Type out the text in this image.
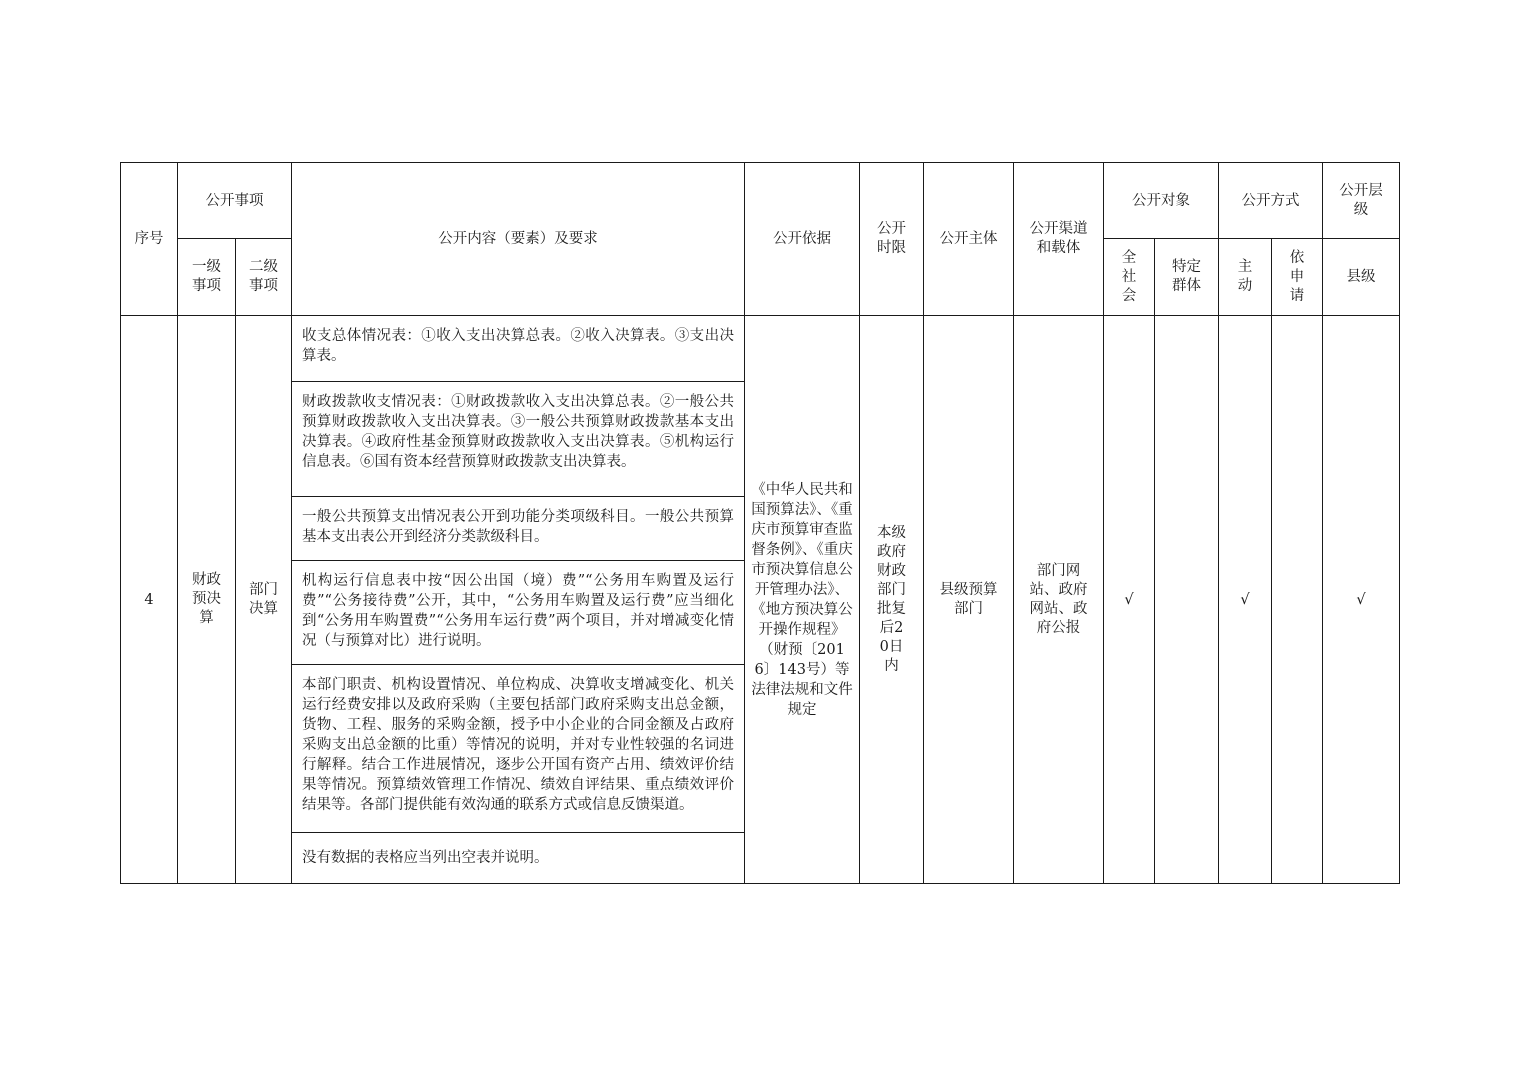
序号	公开事项		公开内容（要素）及要求	公开依据	公开时限	公开主体	公开渠道和载体	公开对象		公开方式		公开层级
	一级事项	二级事项						全社会	特定群体	主动	依申请	县级
4	财政预决算	部门决算	收支总体情况表：①收入支出决算总表。②收入决算表。③支出决算表。	《中华人民共和国预算法》、《重庆市预算审查监督条例》、《重庆市预决算信息公开管理办法》、《地方预决算公开操作规程》（财预〔2016〕143号）等法律法规和文件规定	本级政府财政部门批复后20日内	县级预算部门	部门网站、政府网站、政府公报	√		√		√
			财政拨款收支情况表：①财政拨款收入支出决算总表。②一般公共预算财政拨款收入支出决算表。③一般公共预算财政拨款基本支出决算表。④政府性基金预算财政拨款收入支出决算表。⑤机构运行信息表。⑥国有资本经营预算财政拨款支出决算表。									
			一般公共预算支出情况表公开到功能分类项级科目。一般公共预算基本支出表公开到经济分类款级科目。									
			机构运行信息表中按“因公出国（境）费”“公务用车购置及运行费”“公务接待费”公开，其中，“公务用车购置及运行费”应当细化到“公务用车购置费”“公务用车运行费”两个项目，并对增减变化情况（与预算对比）进行说明。									
			本部门职责、机构设置情况、单位构成、决算收支增减变化、机关运行经费安排以及政府采购（主要包括部门政府采购支出总金额，货物、工程、服务的采购金额，授予中小企业的合同金额及占政府采购支出总金额的比重）等情况的说明，并对专业性较强的名词进行解释。结合工作进展情况，逐步公开国有资产占用、绩效评价结果等情况。预算绩效管理工作情况、绩效自评结果、重点绩效评价结果等。各部门提供能有效沟通的联系方式或信息反馈渠道。									
			没有数据的表格应当列出空表并说明。									
